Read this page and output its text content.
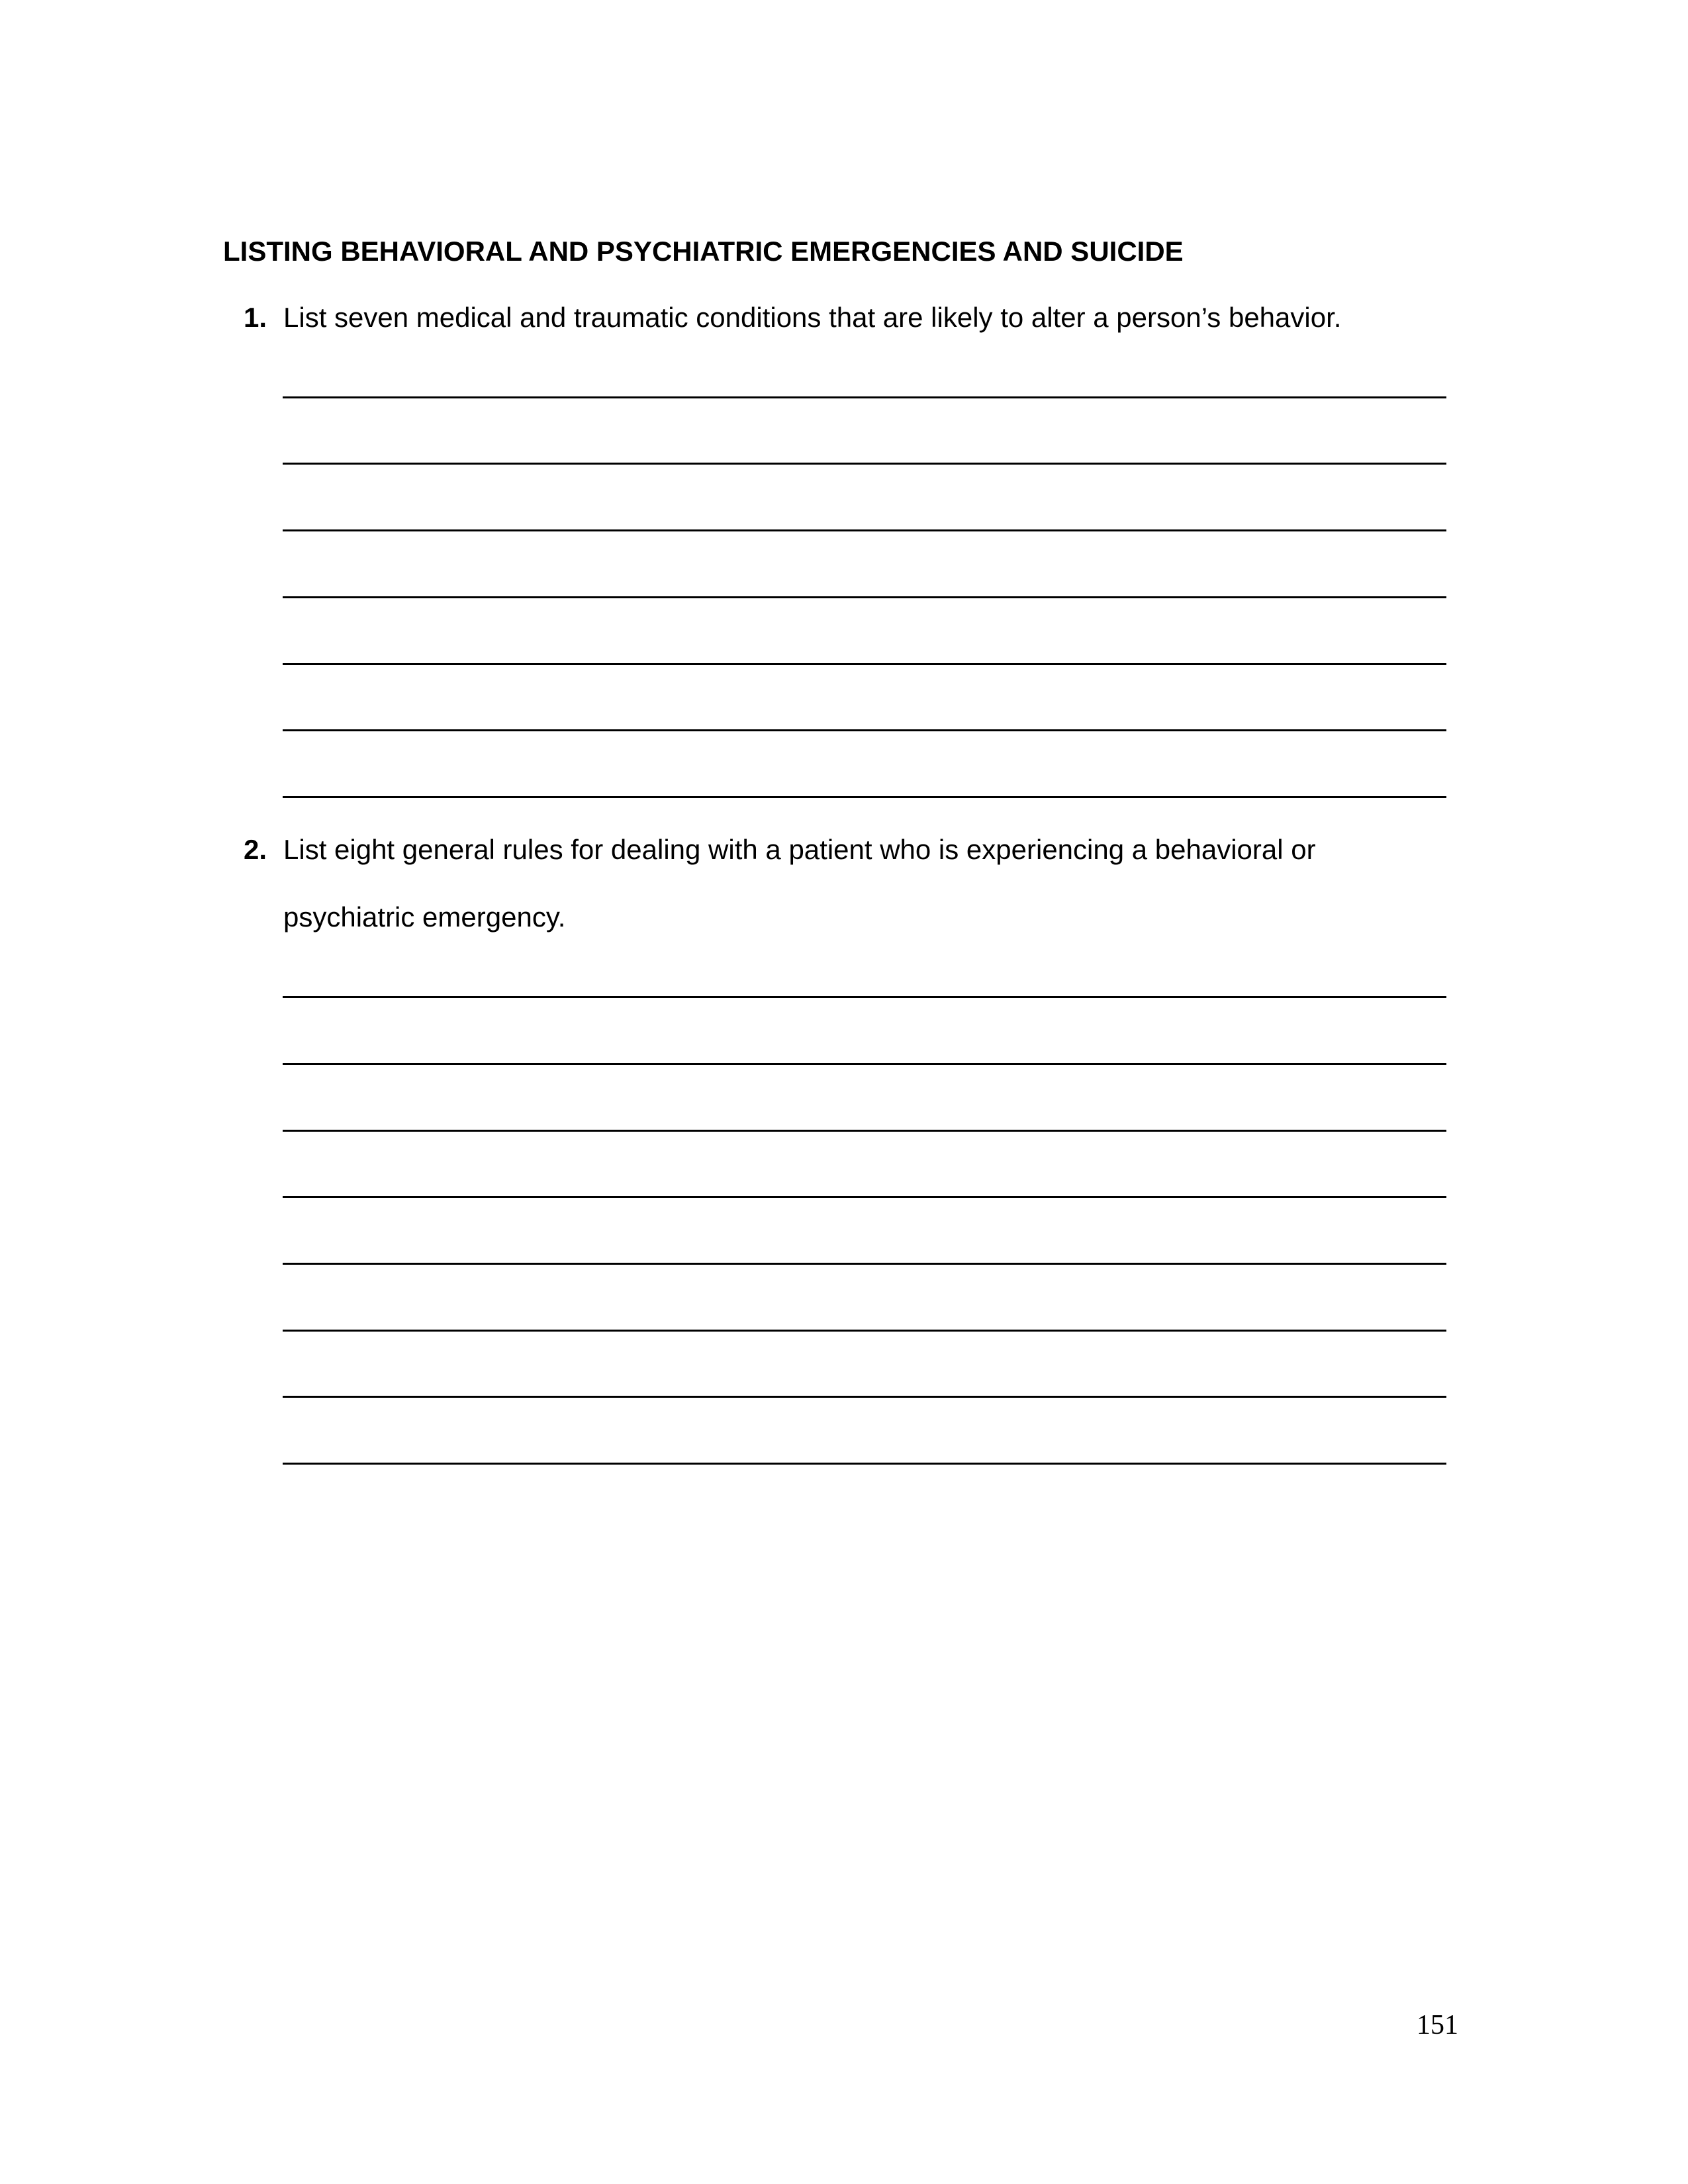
LISTING BEHAVIORAL AND PSYCHIATRIC EMERGENCIES AND SUICIDE
1. List seven medical and traumatic conditions that are likely to alter a person’s behavior.
2. List eight general rules for dealing with a patient who is experiencing a behavioral or
psychiatric emergency.
151
